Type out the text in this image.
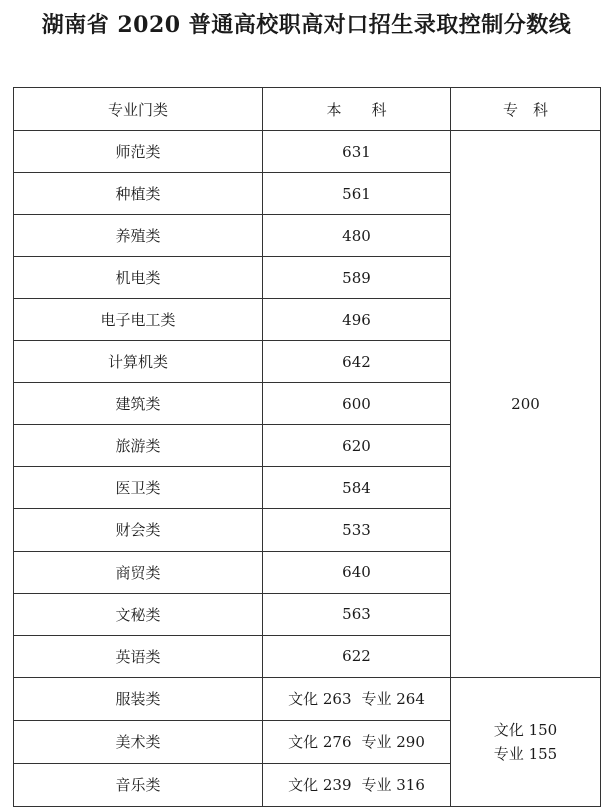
湖南省 2020 普通高校职高对口招生录取控制分数线
专业门类	本　　科	专　科
师范类	631	200
种植类	561	
养殖类	480	
机电类	589	
电子电工类	496	
计算机类	642	
建筑类	600	
旅游类	620	
医卫类	584	
财会类	533	
商贸类	640	
文秘类	563	
英语类	622	
服装类	文化 263 专业 264	文化 150
专业 155

美术类	文化 276 专业 290	
音乐类	文化 239 专业 316	
